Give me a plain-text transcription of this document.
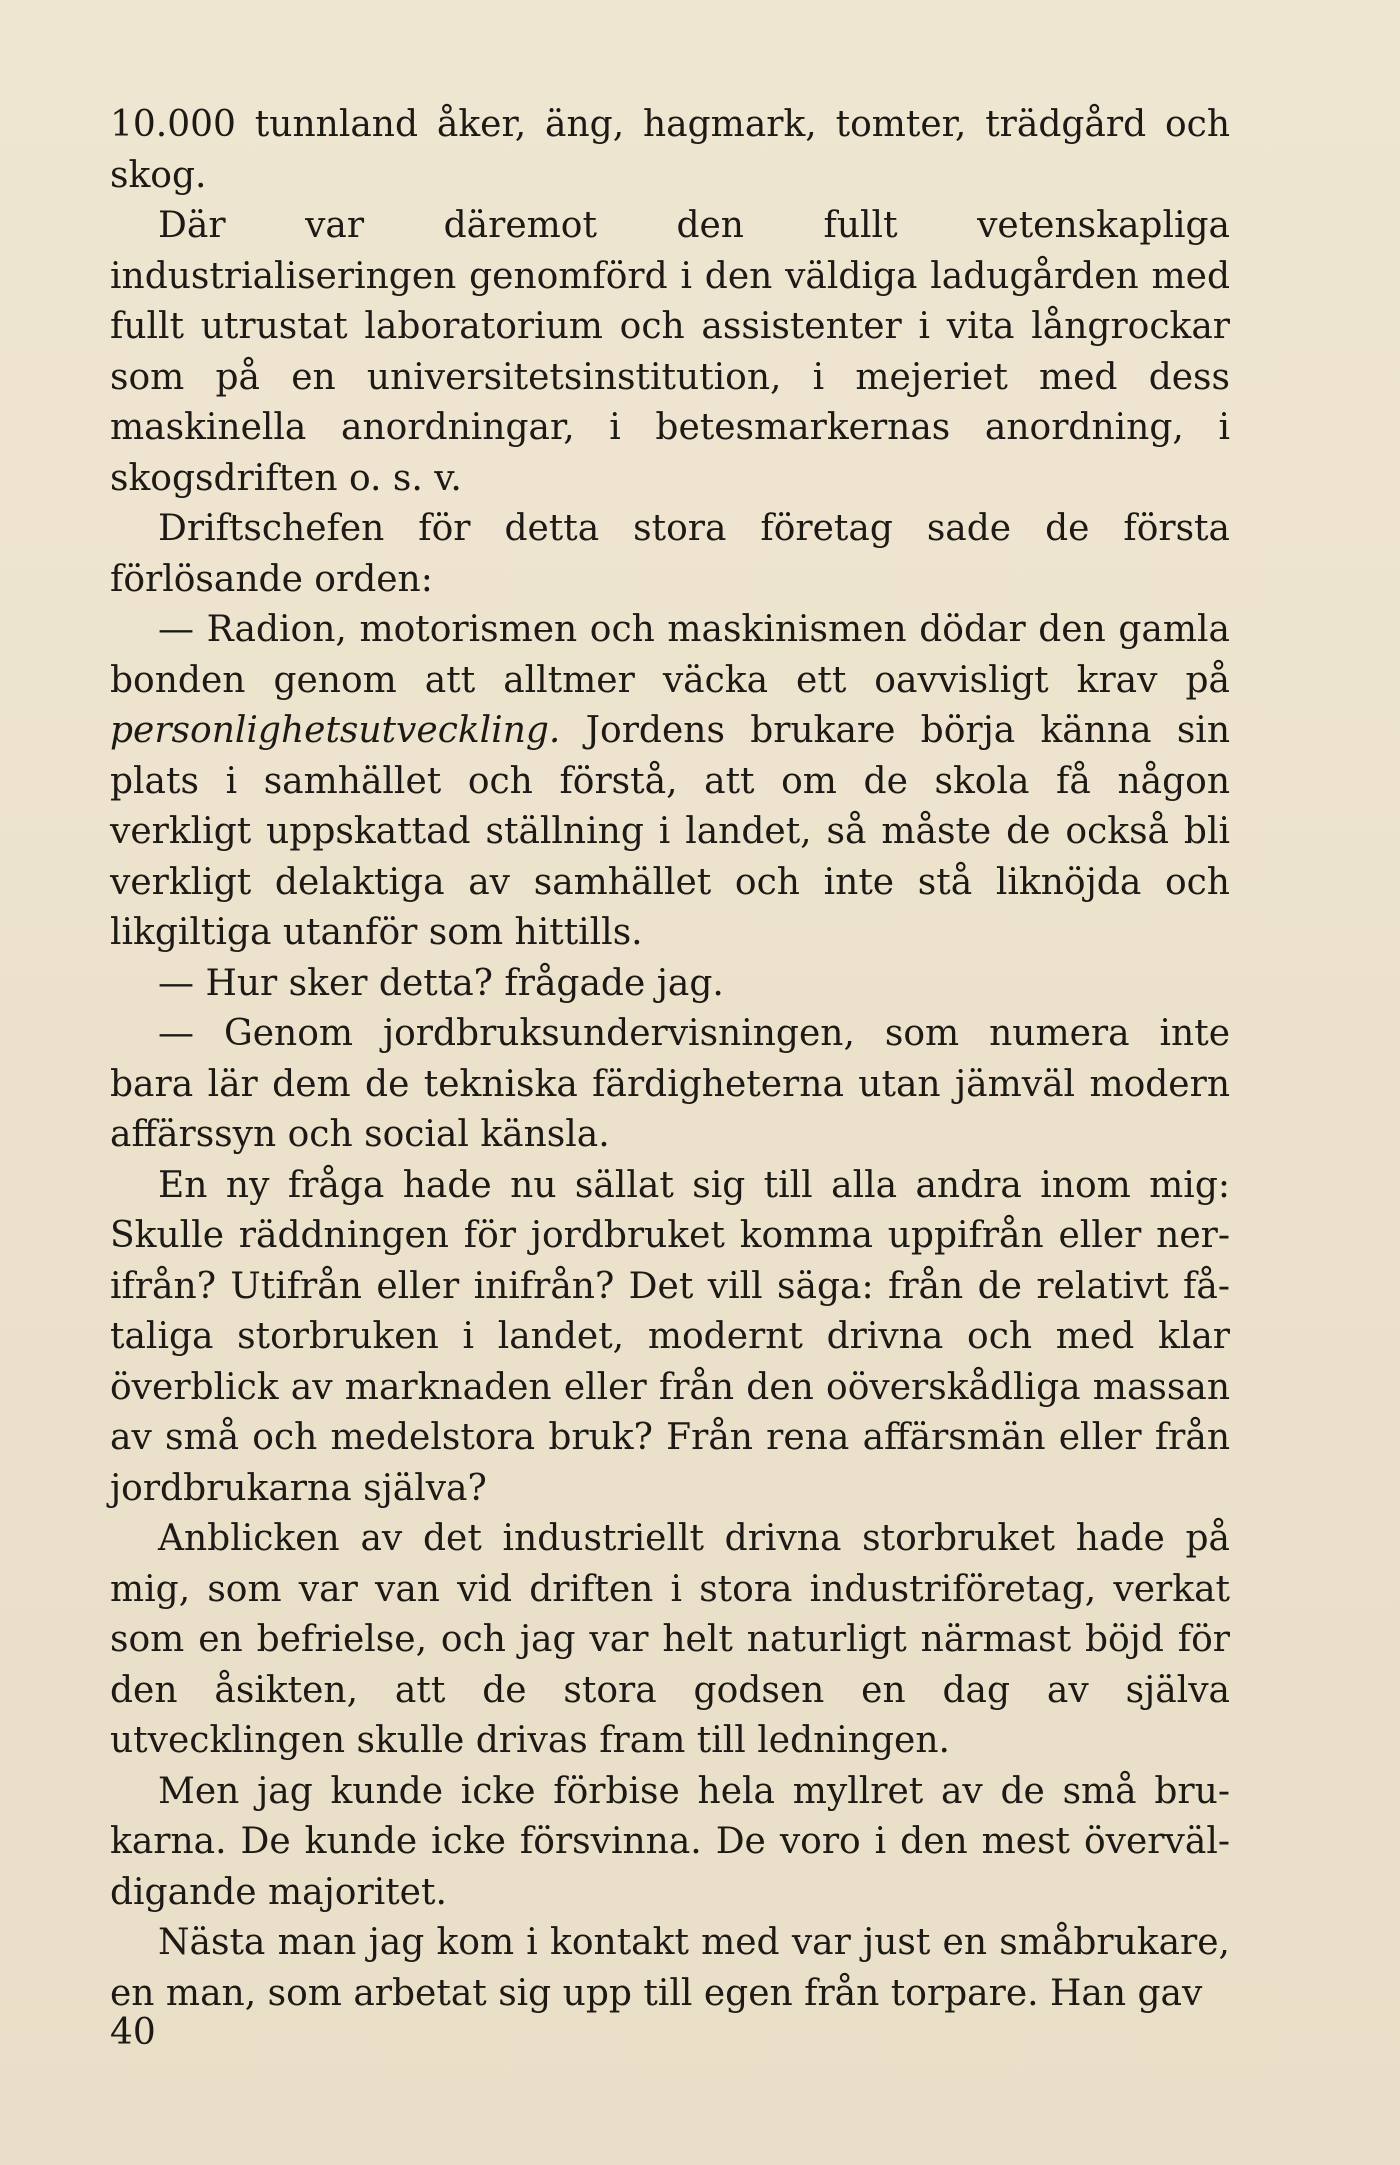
10.000 tunnland åker, äng, hagmark, tomter, trädgård och skog.

Där var däremot den fullt vetenskapliga industrialiseringen genomförd i den väldiga ladugården med fullt utrustat laboratorium och assistenter i vita långrockar som på en universitetsinstitution, i mejeriet med dess maskinella anordningar, i betesmarkernas anordning, i skogsdriften o. s. v.

Driftschefen för detta stora företag sade de första förlösande orden:

— Radion, motorismen och maskinismen dödar den gamla bonden genom att alltmer väcka ett oavvisligt krav på personlighetsutveckling. Jordens brukare börja känna sin plats i samhället och förstå, att om de skola få någon verkligt uppskattad ställning i landet, så måste de också bli verkligt delaktiga av samhället och inte stå liknöjda och likgiltiga utanför som hittills.

— Hur sker detta? frågade jag.

— Genom jordbruksundervisningen, som numera inte bara lär dem de tekniska färdigheterna utan jämväl modern affärssyn och social känsla.

En ny fråga hade nu sällat sig till alla andra inom mig: Skulle räddningen för jordbruket komma uppifrån eller nerifrån? Utifrån eller inifrån? Det vill säga: från de relativt fåtaliga storbruken i landet, modernt drivna och med klar överblick av marknaden eller från den oöverskådliga massan av små och medelstora bruk? Från rena affärsmän eller från jordbrukarna själva?

Anblicken av det industriellt drivna storbruket hade på mig, som var van vid driften i stora industriföretag, verkat som en befrielse, och jag var helt naturligt närmast böjd för den åsikten, att de stora godsen en dag av själva utvecklingen skulle drivas fram till ledningen.

Men jag kunde icke förbise hela myllret av de små brukarna. De kunde icke försvinna. De voro i den mest överväldigande majoritet.

Nästa man jag kom i kontakt med var just en småbrukare, en man, som arbetat sig upp till egen från torpare. Han gav

40
